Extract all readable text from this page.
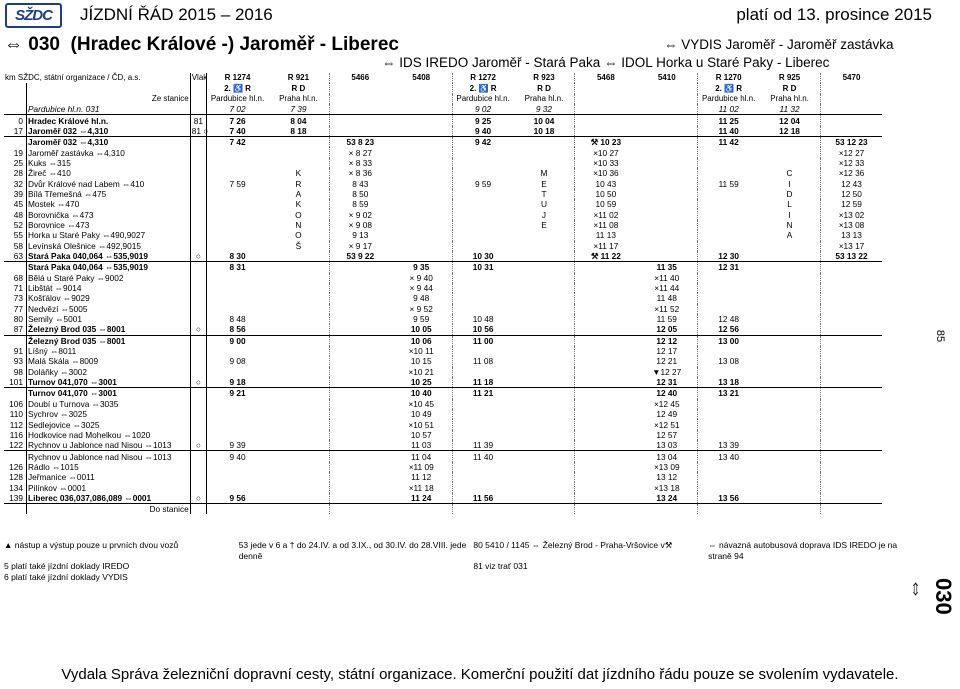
SŽDC	JÍZDNÍ ŘÁD 2015 – 2016	platí od 13. prosince 2015
⇔ 030 (Hradec Králové -) Jaroměř - Liberec	⇔ VYDIS Jaroměř - Jaroměř zastávka
⇔ IDS IREDO Jaroměř - Stará Paka ⇔ IDOL Horka u Staré Paky - Liberec
km SŽDC, státní organizace / ČD, a.s.		Vlak	R 1274	R 921	5466	5408	R 1272	R 923	5468	5410	R 1270	R 925	5470
			2. ♿ R	R D			2. ♿ R	R D			2. ♿ R	R D	
	Ze stanice		Pardubice hl.n.	Praha hl.n.			Pardubice hl.n.	Praha hl.n.			Pardubice hl.n.	Praha hl.n.	
	Pardubice hl.n. 031		7 02	7 39			9 02	9 32			11 02	11 32	
0	Hradec Králové hl.n.	81	7 26	8 04			9 25	10 04			11 25	12 04	
17	Jaroměř 032 ⇔4,310	81 ○	7 40	8 18			9 40	10 18			11 40	12 18	
	Jaroměř 032 ⇔4,310		7 42		53 8 23		9 42		⚒ 10 23		11 42		53 12 23
19	Jaroměř zastávka ⇔4,310				× 8 27				×10 27				×12 27
25	Kuks ⇔315				× 8 33				×10 33				×12 33
28	Žireč ⇔410			K	× 8 36			M	×10 36			C	×12 36
32	Dvůr Králové nad Labem ⇔410		7 59	R	8 43		9 59	E	10 43		11 59	I	12 43
39	Bílá Třemešná ⇔475			A	8 50			T	10 50			D	12 50
45	Mostek ⇔470			K	8 59			U	10 59			L	12 59
48	Borovnička ⇔473			O	× 9 02			J	×11 02			I	×13 02
52	Borovnice ⇔473			N	× 9 08			E	×11 08			N	×13 08
55	Horka u Staré Paky ⇔490,9027			O	9 13				11 13			A	13 13
58	Levínská Olešnice ⇔492,9015			Š	× 9 17				×11 17				×13 17
63	Stará Paka 040,064 ⇔535,9019	○	8 30		53 9 22		10 30		⚒ 11 22		12 30		53 13 22
	Stará Paka 040,064 ⇔535,9019		8 31			9 35	10 31			11 35	12 31		
68	Bělá u Staré Paky ⇔9002					× 9 40				×11 40			
71	Libštát ⇔9014					× 9 44				×11 44			
73	Košťálov ⇔9029					9 48				11 48			
77	Nedvězí ⇔5005					× 9 52				×11 52			
80	Semily ⇔5001		8 48			9 59	10 48			11 59	12 48		
87	Železný Brod 035 ⇔8001	○	8 56			10 05	10 56			12 05	12 56		
	Železný Brod 035 ⇔8001		9 00			10 06	11 00			12 12	13 00		
91	Líšný ⇔8011					×10 11				12 17			
93	Malá Skála ⇔8009		9 08			10 15	11 08			12 21	13 08		
98	Doláňky ⇔3002					×10 21				▼12 27			
101	Turnov 041,070 ⇔3001	○	9 18			10 25	11 18			12 31	13 18		
	Turnov 041,070 ⇔3001		9 21			10 40	11 21			12 40	13 21		
106	Doubí u Turnova ⇔3035					×10 45				×12 45			
110	Sychrov ⇔3025					10 49				12 49			
112	Sedlejovice ⇔3025					×10 51				×12 51			
116	Hodkovice nad Mohelkou ⇔1020					10 57				12 57			
122	Rychnov u Jablonce nad Nisou ⇔1013	○	9 39			11 03	11 39			13 03	13 39		
	Rychnov u Jablonce nad Nisou ⇔1013		9 40			11 04	11 40			13 04	13 40		
126	Rádlo ⇔1015					×11 09				×13 09			
128	Jeřmanice ⇔0011					11 12				13 12			
134	Pilínkov ⇔0001					×11 18				×13 18			
139	Liberec 036,037,086,089 ⇔0001	○	9 56			11 24	11 56			13 24	13 56		
	Do stanice												
▲ nástup a výstup pouze u prvních dvou vozů	53 jede v 6 a † do 24.IV. a od 3.IX., od 30.IV. do 28.VIII. jede denně	80 5410 / 1145 ⇔ Železný Brod - Praha-Vršovice v⚒	⇔ návazná autobusová doprava IDS IREDO je na straně 94
5 platí také jízdní doklady IREDO		81 viz trať 031	
6 platí také jízdní doklady VYDIS			
85
030 ⇔
Vydala Správa železniční dopravní cesty, státní organizace. Komerční použití dat jízdního řádu pouze se svolením vydavatele.
